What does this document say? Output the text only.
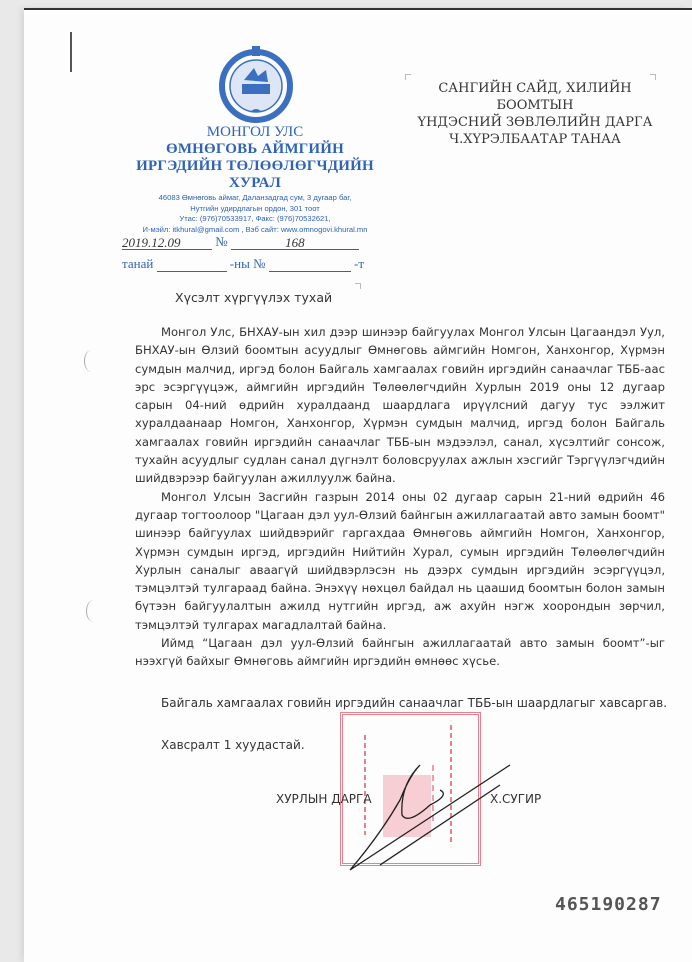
МОНГОЛ УЛС
ӨМНӨГОВЬ АЙМГИЙН
ИРГЭДИЙН ТӨЛӨӨЛӨГЧДИЙН
ХУРАЛ
46083 Өмнөговь аймаг, Даланзадгад сум, 3 дугаар баг,
Нутгийн удирдлагын ордон, 301 тоот
Утас: (976)70533917, Факс: (976)70532621,
И-мэйл: itkhural@gmail.com , Вэб сайт: www.omnogovi.khural.mn
2019.12.09	№	168
танай	-ны №	-т
САНГИЙН САЙД, ХИЛИЙН БООМТЫН
ҮНДЭСНИЙ ЗӨВЛӨЛИЙН ДАРГА
Ч.ХҮРЭЛБААТАР ТАНАА
Хүсэлт хүргүүлэх тухай

Монгол Улс, БНХАУ-ын хил дээр шинээр байгуулах Монгол Улсын Цагаандэл Уул, БНХАУ-ын Өлзий боомтын асуудлыг Өмнөговь аймгийн Номгон, Ханхонгор, Хүрмэн сумдын малчид, иргэд болон Байгаль хамгаалах говийн иргэдийн санаачлаг ТББ-аас эрс эсэргүүцэж, аймгийн иргэдийн Төлөөлөгчдийн Хурлын 2019 оны 12 дугаар сарын 04-ний өдрийн хуралдаанд шаардлага ирүүлсний дагуу тус ээлжит хуралдаанаар Номгон, Ханхонгор, Хүрмэн сумдын малчид, иргэд болон Байгаль хамгаалах говийн иргэдийн санаачлаг ТББ-ын мэдээлэл, санал, хүсэлтийг сонсож, тухайн асуудлыг судлан санал дүгнэлт боловсруулах ажлын хэсгийг Тэргүүлэгчдийн шийдвэрээр байгуулан ажиллуулж байна.

Монгол Улсын Засгийн газрын 2014 оны 02 дугаар сарын 21-ний өдрийн 46 дугаар тогтоолоор "Цагаан дэл уул-Өлзий байнгын ажиллагаатай авто замын боомт" шинээр байгуулах шийдвэрийг гаргахдаа Өмнөговь аймгийн Номгон, Ханхонгор, Хүрмэн сумдын иргэд, иргэдийн Нийтийн Хурал, сумын иргэдийн Төлөөлөгчдийн Хурлын саналыг аваагүй шийдвэрлэсэн нь дээрх сумдын иргэдийн эсэргүүцэл, тэмцэлтэй тулгараад байна. Энэхүү нөхцөл байдал нь цаашид боомтын болон замын бүтээн байгуулалтын ажилд нутгийн иргэд, аж ахуйн нэгж хоорондын зөрчил, тэмцэлтэй тулгарах магадлалтай байна.

Иймд “Цагаан дэл уул-Өлзий байнгын ажиллагаатай авто замын боомт”-ыг нээхгүй байхыг Өмнөговь аймгийн иргэдийн өмнөөс хүсье.

Байгаль хамгаалах говийн иргэдийн санаачлаг ТББ-ын шаардлагыг хавсаргав.
Хавсралт 1 хуудастай.
ХУРЛЫН ДАРГА	Х.СУГИР
465190287
